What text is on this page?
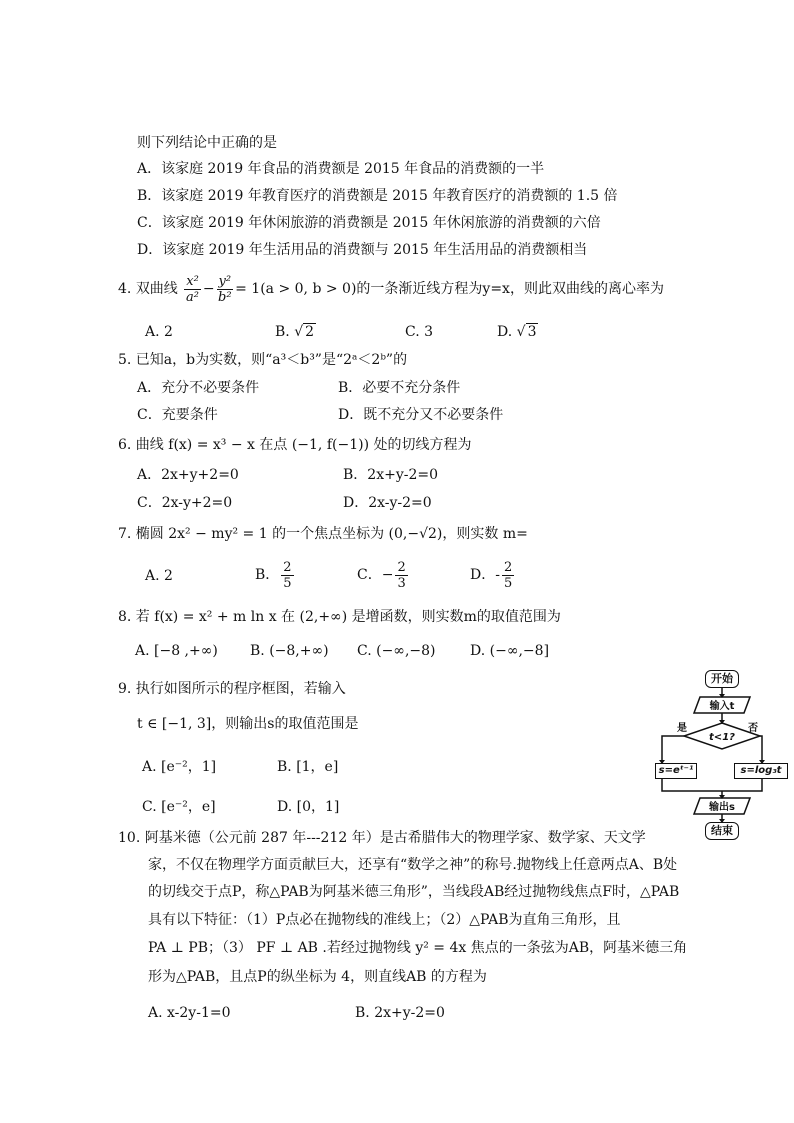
则下列结论中正确的是
A．该家庭 2019 年食品的消费额是 2015 年食品的消费额的一半
B．该家庭 2019 年教育医疗的消费额是 2015 年教育医疗的消费额的 1.5 倍
C．该家庭 2019 年休闲旅游的消费额是 2015 年休闲旅游的消费额的六倍
D．该家庭 2019 年生活用品的消费额与 2015 年生活用品的消费额相当
4. 双曲线 $\frac{\text{x²}}{\text{a²}} - \frac{\text{y²}}{\text{b²}} = 1(a > 0$, b > 0)的一条渐近线方程为y=x，则此双曲线的离心率为
A. 2	B. √ 2	C. 3	D. √ 3
5. 已知a，b为实数，则“a³＜b³”是“2ᵃ＜2ᵇ”的
A．充分不必要条件	B．必要不充分条件
C．充要条件	D．既不充分又不必要条件
6. 曲线 f(x) = x³ − x 在点 (−1, f(−1)) 处的切线方程为
A．2x+y+2=0	B．2x+y-2=0
C．2x-y+2=0	D．2x-y-2=0
7. 椭圆 2x² − my² = 1 的一个焦点坐标为 (0,−√2)，则实数 m=
A. 2	B． $\frac{2}{5}$	C．− $\frac{2}{3}$	D．- $\frac{2}{5}$
8. 若 f(x) = x² + m ln x 在 (2,+∞) 是增函数，则实数m的取值范围为
A. [−8 ,+∞) B. (−8,+∞) C. (−∞,−8) D. (−∞,−8]
9. 执行如图所示的程序框图，若输入
t ∈ [−1, 3]，则输出s的取值范围是
A. [e⁻²，1]	B. [1，e]
C. [e⁻²，e]	D. [0，1]
输入t
t<1?
是	否
输出s
开始
s=eᵗ⁻¹	s=log₃t
结束
10. 阿基米德（公元前 287 年---212 年）是古希腊伟大的物理学家、数学家、天文学
家，不仅在物理学方面贡献巨大，还享有“数学之神”的称号.抛物线上任意两点A、B处
的切线交于点P，称△PAB为阿基米德三角形”，当线段AB经过抛物线焦点F时，△PAB
具有以下特征：（1）P点必在抛物线的准线上；（2）△PAB为直角三角形，且
PA ⊥ PB；（3） PF ⊥ AB .若经过抛物线 y² = 4x 焦点的一条弦为AB，阿基米德三角
形为△PAB，且点P的纵坐标为 4，则直线AB 的方程为
A. x-2y-1=0	B. 2x+y-2=0
